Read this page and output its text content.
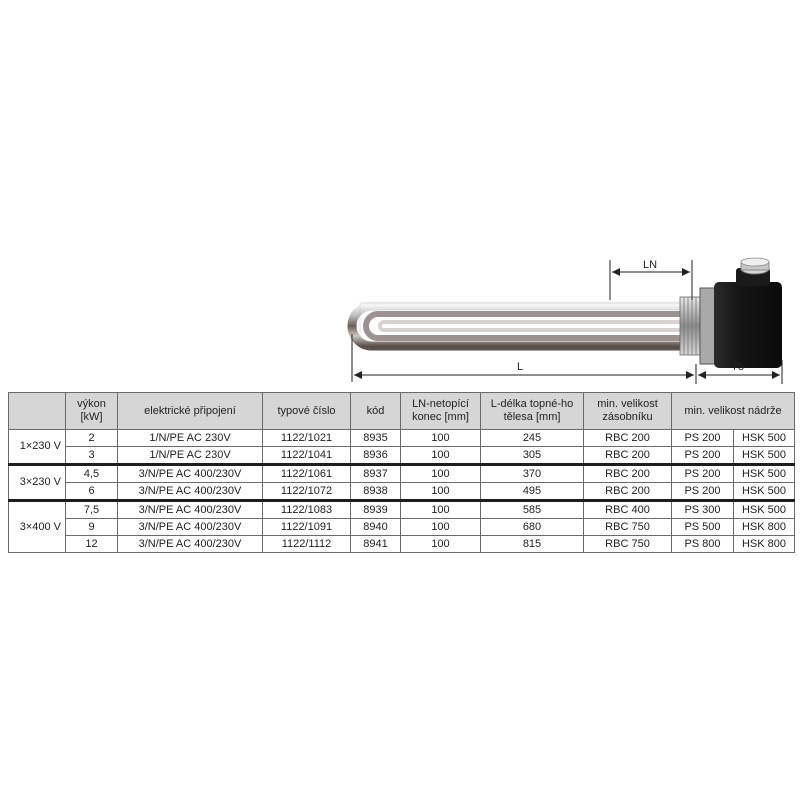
LN
L	75
	výkon [kW]	elektrické připojení	typové číslo	kód	LN-netopící konec [mm]	L-délka topné-ho tělesa [mm]	min. velikost zásobníku	min. velikost nádrže	
1×230 V	2	1/N/PE AC 230V	1122/1021	8935	100	245	RBC 200	PS 200	HSK 500
	3	1/N/PE AC 230V	1122/1041	8936	100	305	RBC 200	PS 200	HSK 500
3×230 V	4,5	3/N/PE AC 400/230V	1122/1061	8937	100	370	RBC 200	PS 200	HSK 500
	6	3/N/PE AC 400/230V	1122/1072	8938	100	495	RBC 200	PS 200	HSK 500
3×400 V	7,5	3/N/PE AC 400/230V	1122/1083	8939	100	585	RBC 400	PS 300	HSK 500
	9	3/N/PE AC 400/230V	1122/1091	8940	100	680	RBC 750	PS 500	HSK 800
	12	3/N/PE AC 400/230V	1122/1112	8941	100	815	RBC 750	PS 800	HSK 800
